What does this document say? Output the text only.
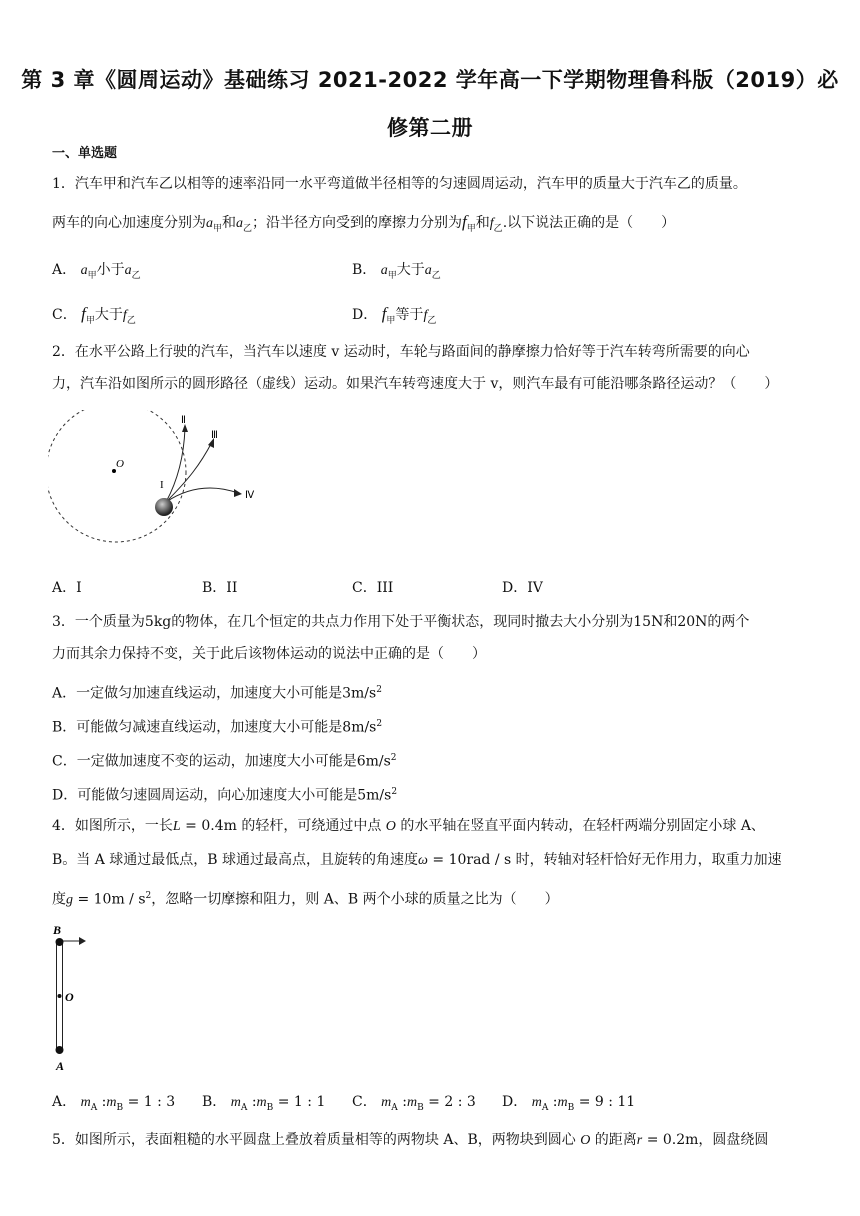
第 3 章《圆周运动》基础练习 2021-2022 学年高一下学期物理鲁科版（2019）必
修第二册
一、单选题
1．汽车甲和汽车乙以相等的速率沿同一水平弯道做半径相等的匀速圆周运动，汽车甲的质量大于汽车乙的质量。
两车的向心加速度分别为$a_甲$和$a_乙$；沿半径方向受到的摩擦力分别为$f_甲$和$f_乙$.以下说法正确的是（　　）
A． $a_甲$小于$a_乙$	B． $a_甲$大于$a_乙$
C． $f_甲$大于$f_乙$	D． $f_甲$等于$f_乙$
2．在水平公路上行驶的汽车，当汽车以速度 v 运动时，车轮与路面间的静摩擦力恰好等于汽车转弯所需要的向心
力，汽车沿如图所示的圆形路径（虚线）运动。如果汽车转弯速度大于 v，则汽车最有可能沿哪条路径运动？（　　）
O
I
Ⅱ
Ⅲ
Ⅳ
A．I	B．II	C．III	D．IV
3．一个质量为5kg的物体，在几个恒定的共点力作用下处于平衡状态，现同时撤去大小分别为15N和20N的两个
力而其余力保持不变，关于此后该物体运动的说法中正确的是（　　）
A．一定做匀加速直线运动，加速度大小可能是$3m/s^2$
B．可能做匀减速直线运动，加速度大小可能是$8m/s^2$
C．一定做加速度不变的运动，加速度大小可能是$6m/s^2$
D．可能做匀速圆周运动，向心加速度大小可能是$5m/s^2$
4．如图所示，一长L = 0.4m 的轻杆，可绕通过中点 O 的水平轴在竖直平面内转动，在轻杆两端分别固定小球 A、
B。当 A 球通过最低点，B 球通过最高点，且旋转的角速度ω = 10rad / s 时，转轴对轻杆恰好无作用力，取重力加速
度$g = 10m / s^2$，忽略一切摩擦和阻力，则 A、B 两个小球的质量之比为（　　）
B
O
A
A． $m_A$ $:m_B = 1$ : 3 B． $m_A$ $:m_B = 1$ : 1 C． $m_A$ $:m_B = 2$ : 3 D． $m_A$ $:m_B = 9$ : 11
5．如图所示，表面粗糙的水平圆盘上叠放着质量相等的两物块 A、B，两物块到圆心 O 的距离r = 0.2m，圆盘绕圆
